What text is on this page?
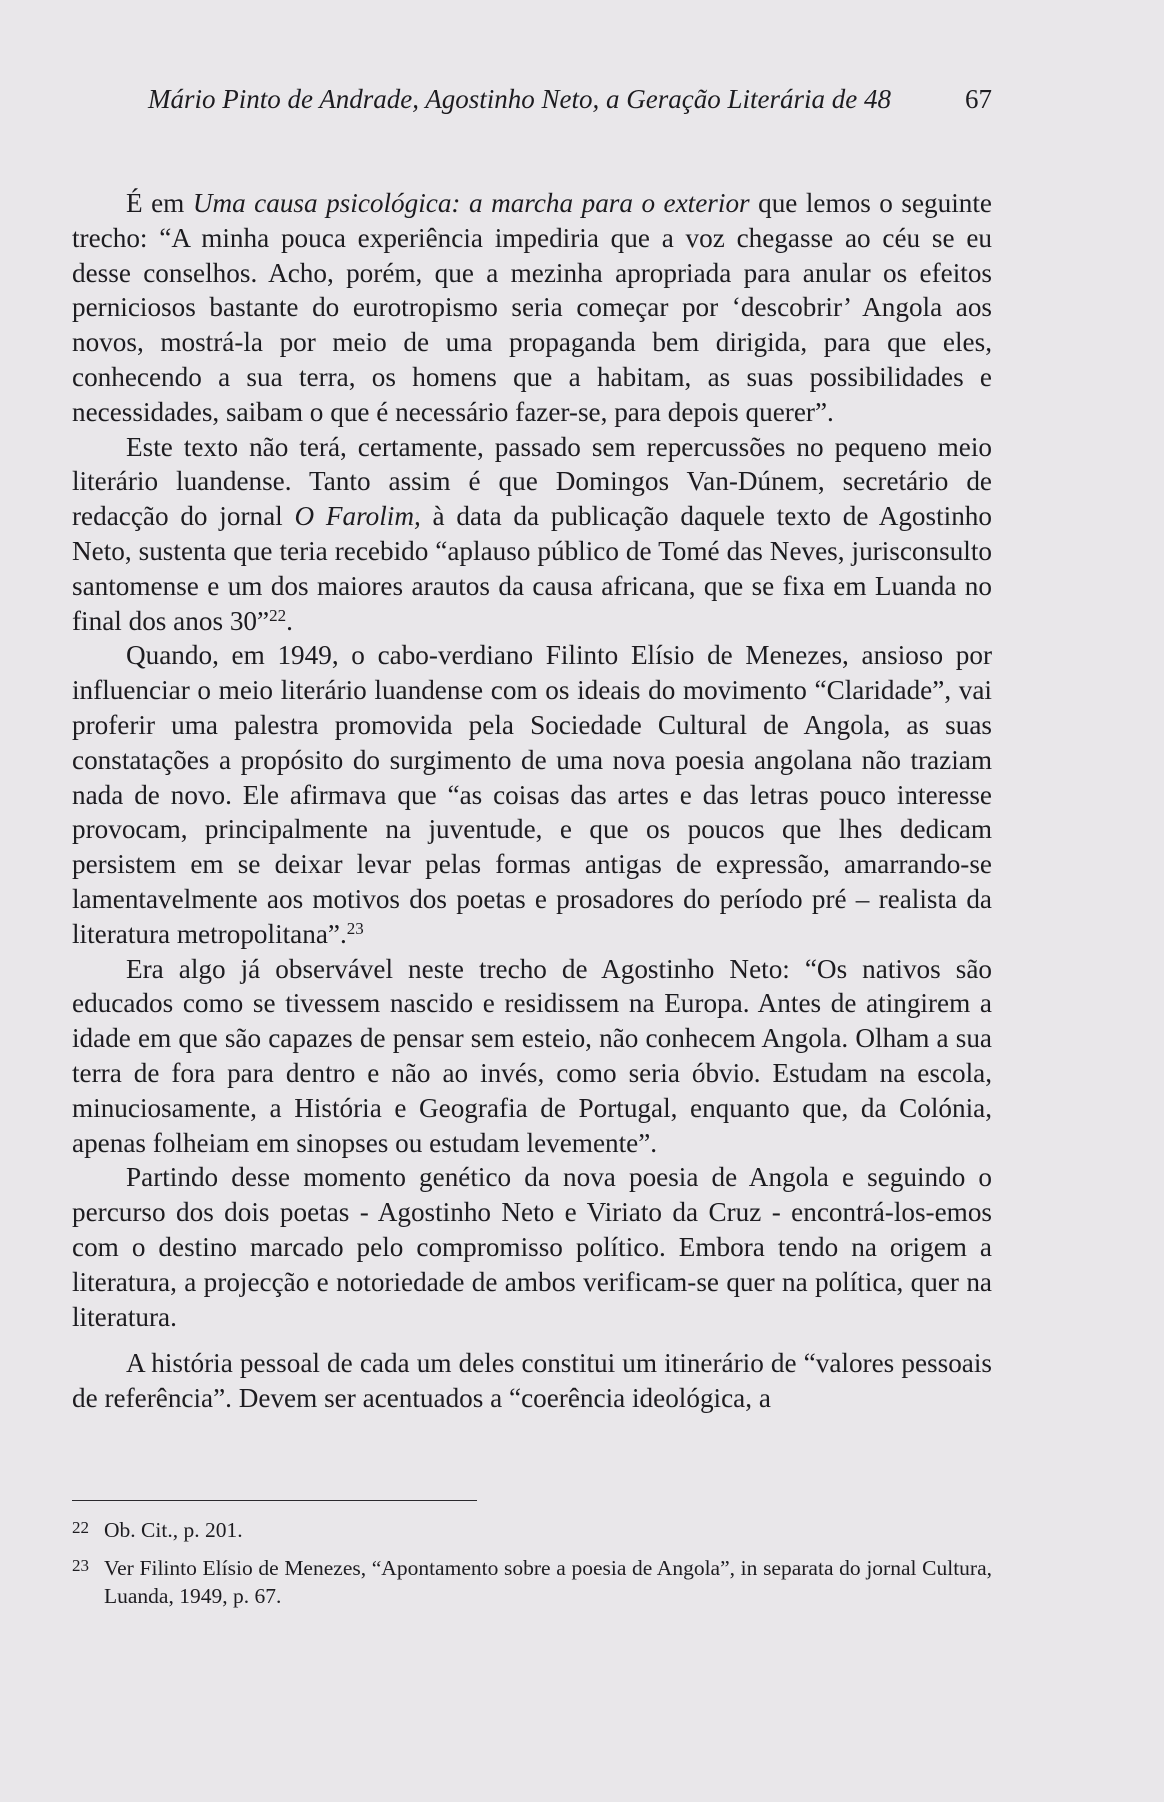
Mário Pinto de Andrade, Agostinho Neto, a Geração Literária de 48	67

É em Uma causa psicológica: a marcha para o exterior que lemos o seguinte trecho: “A minha pouca experiência impediria que a voz chegasse ao céu se eu desse conselhos. Acho, porém, que a mezinha apropriada para anular os efeitos perniciosos bastante do eurotropismo seria começar por ‘descobrir’ Angola aos novos, mostrá-la por meio de uma propaganda bem dirigida, para que eles, conhecendo a sua terra, os homens que a habitam, as suas possibilidades e necessidades, saibam o que é necessário fazer-se, para depois querer”.

Este texto não terá, certamente, passado sem repercussões no pequeno meio literário luandense. Tanto assim é que Domingos Van-Dúnem, secretário de redacção do jornal O Farolim, à data da publicação daquele texto de Agostinho Neto, sustenta que teria recebido “aplauso público de Tomé das Neves, jurisconsulto santomense e um dos maiores arautos da causa africana, que se fixa em Luanda no final dos anos 30”$^{22}$.

Quando, em 1949, o cabo-verdiano Filinto Elísio de Menezes, ansioso por influenciar o meio literário luandense com os ideais do movimento “Claridade”, vai proferir uma palestra promovida pela Sociedade Cultural de Angola, as suas constatações a propósito do surgimento de uma nova poesia angolana não traziam nada de novo. Ele afirmava que “as coisas das artes e das letras pouco interesse provocam, principalmente na juventude, e que os poucos que lhes dedicam persistem em se deixar levar pelas formas antigas de expressão, amarrando-se lamentavelmente aos motivos dos poetas e prosadores do período pré – realista da literatura metropolitana”.$^{23}$

Era algo já observável neste trecho de Agostinho Neto: “Os nativos são educados como se tivessem nascido e residissem na Europa. Antes de atingirem a idade em que são capazes de pensar sem esteio, não conhecem Angola. Olham a sua terra de fora para dentro e não ao invés, como seria óbvio. Estudam na escola, minuciosamente, a História e Geografia de Portugal, enquanto que, da Colónia, apenas folheiam em sinopses ou estudam levemente”.

Partindo desse momento genético da nova poesia de Angola e seguindo o percurso dos dois poetas - Agostinho Neto e Viriato da Cruz - encontrá-los-emos com o destino marcado pelo compromisso político. Embora tendo na origem a literatura, a projecção e notoriedade de ambos verificam-se quer na política, quer na literatura.

A história pessoal de cada um deles constitui um itinerário de “valores pessoais de referência”. Devem ser acentuados a “coerência ideológica, a

22 Ob. Cit., p. 201.

23 Ver Filinto Elísio de Menezes, “Apontamento sobre a poesia de Angola”, in separata do jornal Cultura, Luanda, 1949, p. 67.
